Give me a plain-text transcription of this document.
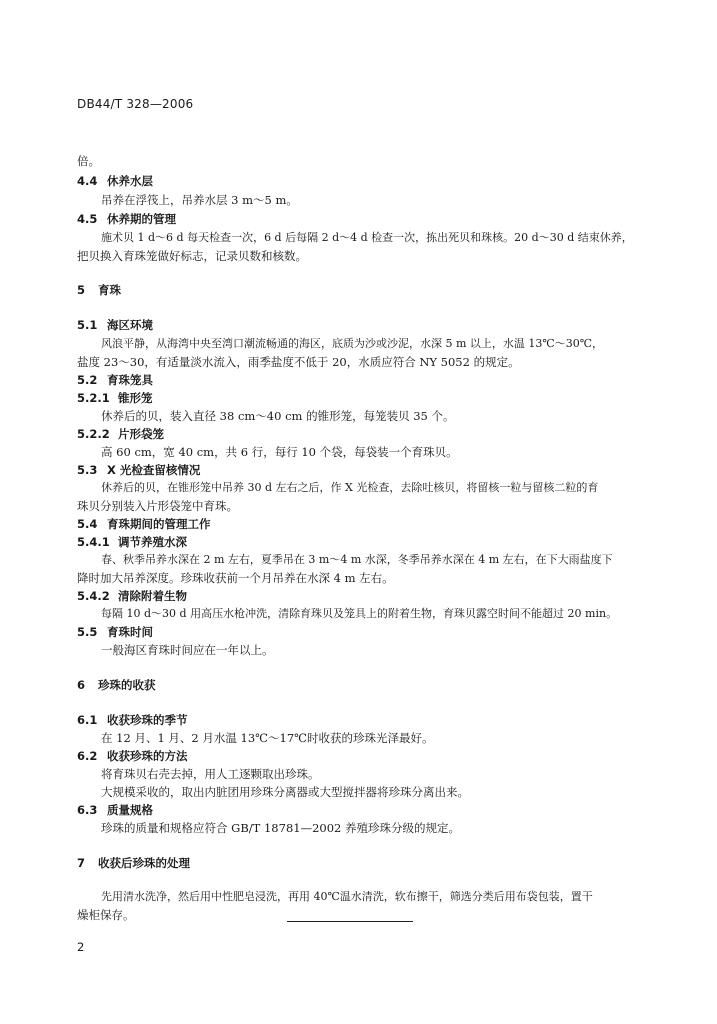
DB44/T 328—2006
倍。
4.4 休养水层
吊养在浮筏上，吊养水层 3 m～5 m。
4.5 休养期的管理
施术贝 1 d～6 d 每天检查一次，6 d 后每隔 2 d～4 d 检查一次，拣出死贝和珠核。20 d～30 d 结束休养，
把贝换入育珠笼做好标志，记录贝数和核数。
5 育珠
5.1 海区环境
风浪平静，从海湾中央至湾口潮流畅通的海区，底质为沙或沙泥，水深 5 m 以上，水温 13℃～30℃，
盐度 23～30，有适量淡水流入，雨季盐度不低于 20，水质应符合 NY 5052 的规定。
5.2 育珠笼具
5.2.1 锥形笼
休养后的贝，装入直径 38 cm～40 cm 的锥形笼，每笼装贝 35 个。
5.2.2 片形袋笼
高 60 cm，宽 40 cm，共 6 行，每行 10 个袋，每袋装一个育珠贝。
5.3 X 光检查留核情况
休养后的贝，在锥形笼中吊养 30 d 左右之后，作 X 光检查，去除吐核贝，将留核一粒与留核二粒的育
珠贝分别装入片形袋笼中育珠。
5.4 育珠期间的管理工作
5.4.1 调节养殖水深
春、秋季吊养水深在 2 m 左右，夏季吊在 3 m～4 m 水深，冬季吊养水深在 4 m 左右，在下大雨盐度下
降时加大吊养深度。珍珠收获前一个月吊养在水深 4 m 左右。
5.4.2 清除附着生物
每隔 10 d～30 d 用高压水枪冲洗，清除育珠贝及笼具上的附着生物，育珠贝露空时间不能超过 20 min。
5.5 育珠时间
一般海区育珠时间应在一年以上。
6 珍珠的收获
6.1 收获珍珠的季节
在 12 月、1 月、2 月水温 13℃～17℃时收获的珍珠光泽最好。
6.2 收获珍珠的方法
将育珠贝右壳去掉，用人工逐颗取出珍珠。
大规模采收的，取出内脏团用珍珠分离器或大型搅拌器将珍珠分离出来。
6.3 质量规格
珍珠的质量和规格应符合 GB/T 18781—2002 养殖珍珠分级的规定。
7 收获后珍珠的处理
先用清水洗净，然后用中性肥皂浸洗，再用 40℃温水清洗，软布擦干，筛选分类后用布袋包装，置干
燥柜保存。
2
